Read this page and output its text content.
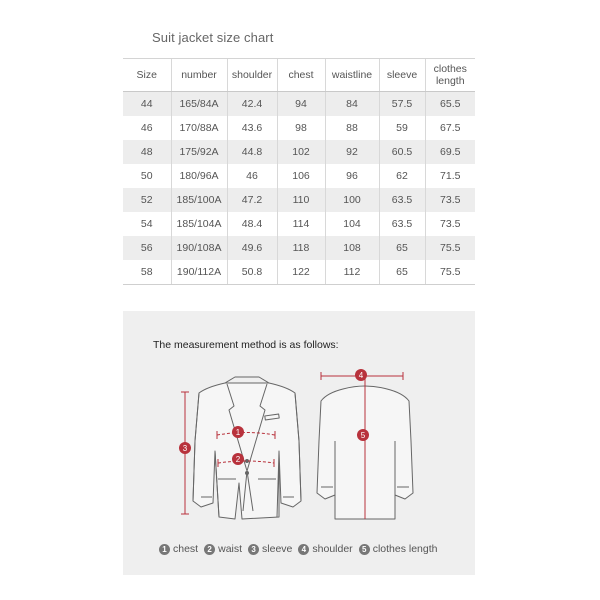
Suit jacket size chart
Size	number	shoulder	chest	waistline	sleeve	clothes length
44	165/84A	42.4	94	84	57.5	65.5
46	170/88A	43.6	98	88	59	67.5
48	175/92A	44.8	102	92	60.5	69.5
50	180/96A	46	106	96	62	71.5
52	185/100A	47.2	110	100	63.5	73.5
54	185/104A	48.4	114	104	63.5	73.5
56	190/108A	49.6	118	108	65	75.5
58	190/112A	50.8	122	112	65	75.5
The measurement method is as follows:
1
2
3
4
5
1 chest	2 waist	3 sleeve	4 shoulder	5 clothes length
